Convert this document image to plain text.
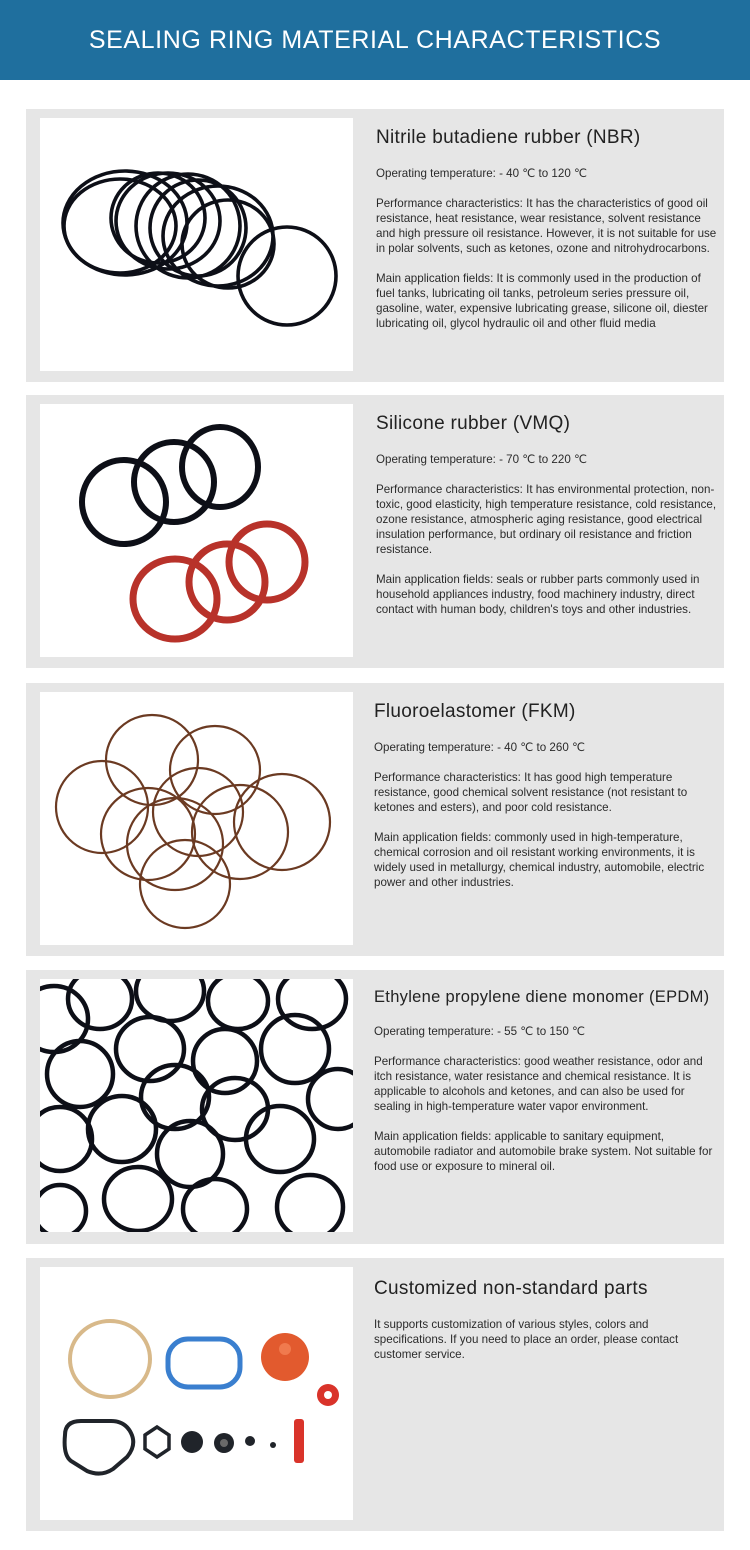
SEALING RING MATERIAL CHARACTERISTICS
Nitrile butadiene rubber (NBR)

Operating temperature: - 40 ℃ to 120 ℃

Performance characteristics: It has the characteristics of good oil resistance, heat resistance, wear resistance, solvent resistance and high pressure oil resistance. However, it is not suitable for use in polar solvents, such as ketones, ozone and nitrohydrocarbons.

Main application fields: It is commonly used in the production of fuel tanks, lubricating oil tanks, petroleum series pressure oil, gasoline, water, expensive lubricating grease, silicone oil, diester lubricating oil, glycol hydraulic oil and other fluid media

Silicone rubber (VMQ)

Operating temperature: - 70 ℃ to 220 ℃

Performance characteristics: It has environmental protection, non-toxic, good elasticity, high temperature resistance, cold resistance, ozone resistance, atmospheric aging resistance, good electrical insulation performance, but ordinary oil resistance and friction resistance.

Main application fields: seals or rubber parts commonly used in household appliances industry, food machinery industry, direct contact with human body, children's toys and other industries.

Fluoroelastomer (FKM)

Operating temperature: - 40 ℃ to 260 ℃

Performance characteristics: It has good high temperature resistance, good chemical solvent resistance (not resistant to ketones and esters), and poor cold resistance.

Main application fields: commonly used in high-temperature, chemical corrosion and oil resistant working environments, it is widely used in metallurgy, chemical industry, automobile, electric power and other industries.

Ethylene propylene diene monomer (EPDM)

Operating temperature: - 55 ℃ to 150 ℃

Performance characteristics: good weather resistance, odor and itch resistance, water resistance and chemical resistance. It is applicable to alcohols and ketones, and can also be used for sealing in high-temperature water vapor environment.

Main application fields: applicable to sanitary equipment, automobile radiator and automobile brake system. Not suitable for food use or exposure to mineral oil.

Customized non-standard parts

It supports customization of various styles, colors and specifications. If you need to place an order, please contact customer service.
